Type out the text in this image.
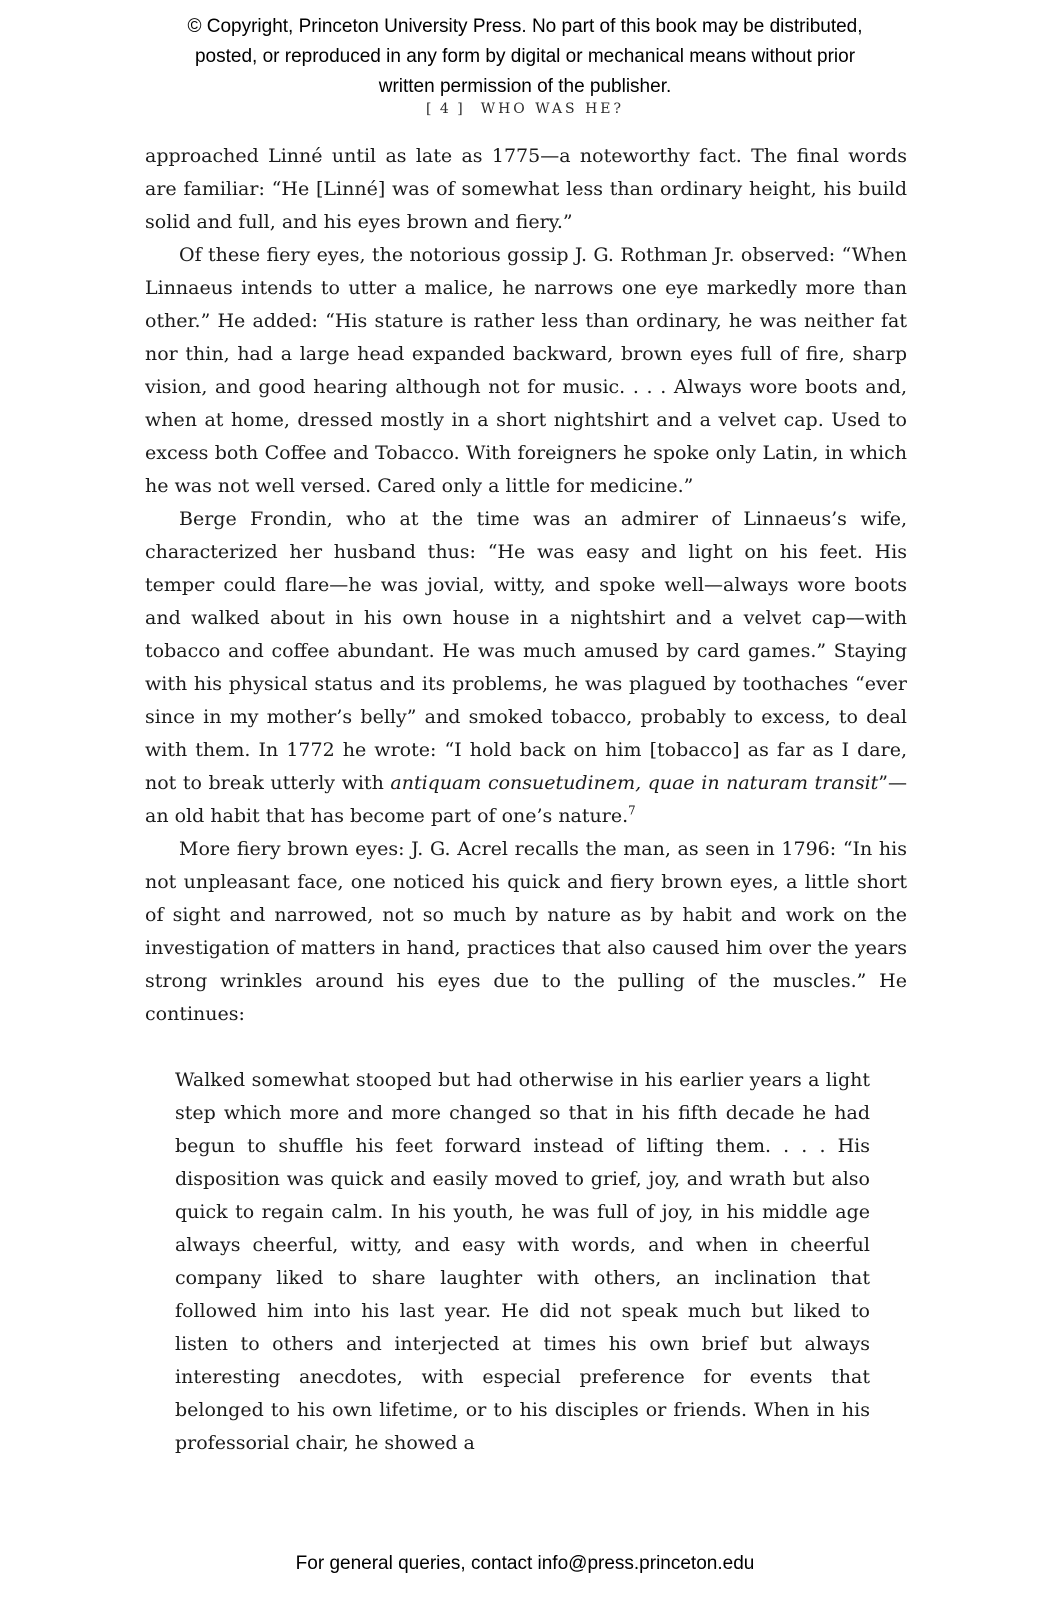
© Copyright, Princeton University Press. No part of this book may be distributed, posted, or reproduced in any form by digital or mechanical means without prior written permission of the publisher.
[ 4 ] WHO WAS HE?

approached Linné until as late as 1775—a noteworthy fact. The final words are familiar: “He [Linné] was of somewhat less than ordinary height, his build solid and full, and his eyes brown and fiery.”

Of these fiery eyes, the notorious gossip J. G. Rothman Jr. observed: “When Linnaeus intends to utter a malice, he narrows one eye markedly more than other.” He added: “His stature is rather less than ordinary, he was neither fat nor thin, had a large head expanded backward, brown eyes full of fire, sharp vision, and good hearing although not for music. . . . Always wore boots and, when at home, dressed mostly in a short nightshirt and a velvet cap. Used to excess both Coffee and Tobacco. With foreigners he spoke only Latin, in which he was not well versed. Cared only a little for medicine.”

Berge Frondin, who at the time was an admirer of Linnaeus’s wife, characterized her husband thus: “He was easy and light on his feet. His temper could flare—he was jovial, witty, and spoke well—always wore boots and walked about in his own house in a nightshirt and a velvet cap—with tobacco and coffee abundant. He was much amused by card games.” Staying with his physical status and its problems, he was plagued by toothaches “ever since in my mother’s belly” and smoked tobacco, probably to excess, to deal with them. In 1772 he wrote: “I hold back on him [tobacco] as far as I dare, not to break utterly with antiquam consuetudinem, quae in naturam transit”—an old habit that has become part of one’s nature.$^7$

More fiery brown eyes: J. G. Acrel recalls the man, as seen in 1796: “In his not unpleasant face, one noticed his quick and fiery brown eyes, a little short of sight and narrowed, not so much by nature as by habit and work on the investigation of matters in hand, practices that also caused him over the years strong wrinkles around his eyes due to the pulling of the muscles.” He continues:

Walked somewhat stooped but had otherwise in his earlier years a light step which more and more changed so that in his fifth decade he had begun to shuffle his feet forward instead of lifting them. . . . His disposition was quick and easily moved to grief, joy, and wrath but also quick to regain calm. In his youth, he was full of joy, in his middle age always cheerful, witty, and easy with words, and when in cheerful company liked to share laughter with others, an inclination that followed him into his last year. He did not speak much but liked to listen to others and interjected at times his own brief but always interesting anecdotes, with especial preference for events that belonged to his own lifetime, or to his disciples or friends. When in his professorial chair, he showed a
For general queries, contact info@press.princeton.edu
